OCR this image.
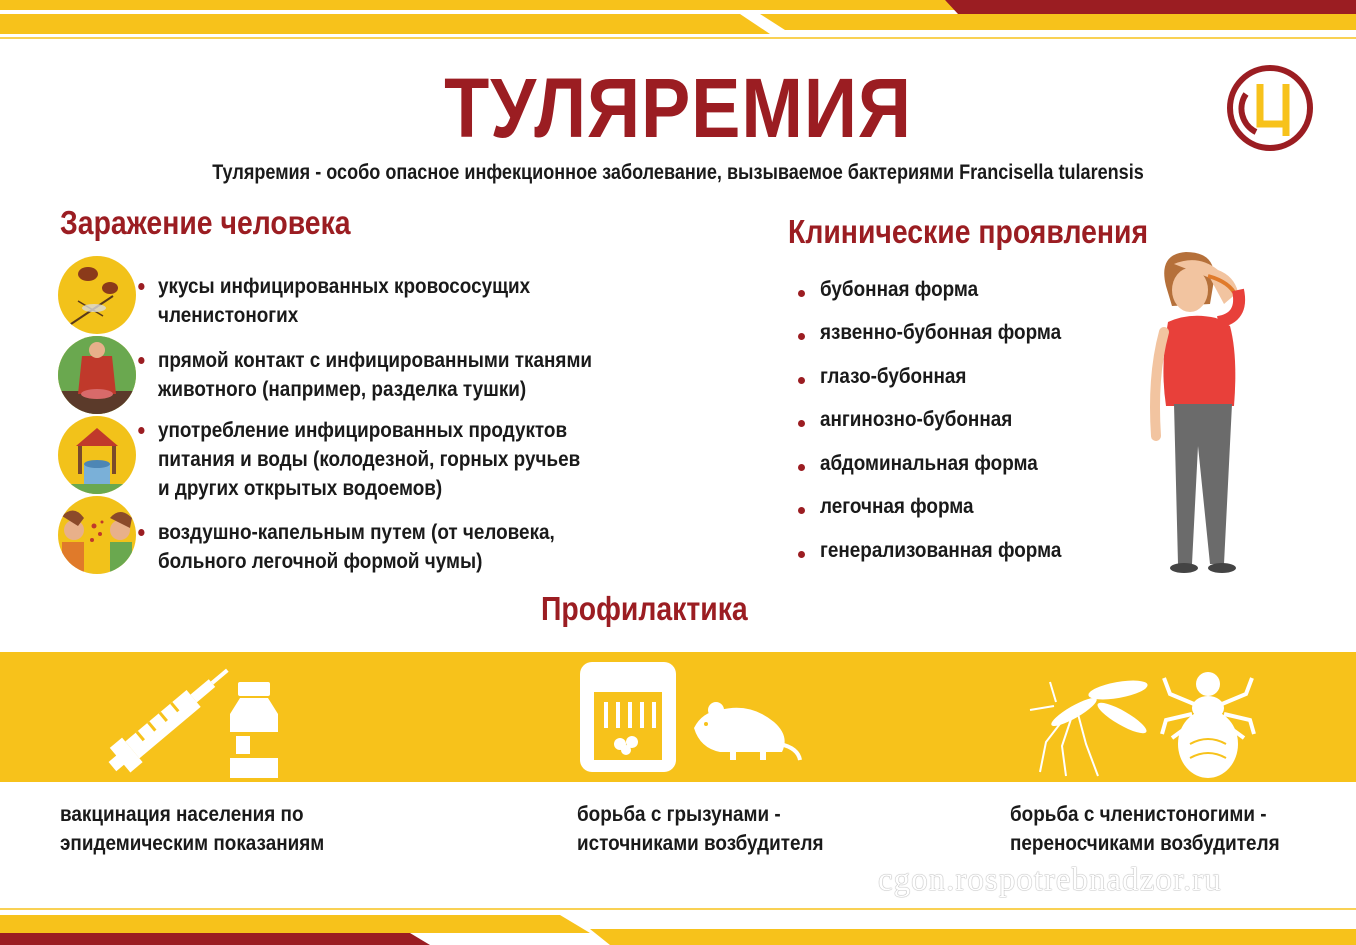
ТУЛЯРЕМИЯ
Туляремия - особо опасное инфекционное заболевание, вызываемое бактериями Francisella tularensis
Заражение человека
укусы инфицированных кровососущих
членистоногих
прямой контакт с инфицированными тканями
животного (например, разделка тушки)
употребление инфицированных продуктов
питания и воды (колодезной, горных ручьев
и других открытых водоемов)
воздушно-капельным путем (от человека,
больного легочной формой чумы)
Клинические проявления
бубонная форма
язвенно-бубонная форма
глазо-бубонная
ангинозно-бубонная
абдоминальная форма
легочная форма
генерализованная форма
Профилактика
вакцинация населения по
эпидемическим показаниям
борьба с грызунами -
источниками возбудителя
борьба с членистоногими -
переносчиками возбудителя
cgon.rospotrebnadzor.ru
